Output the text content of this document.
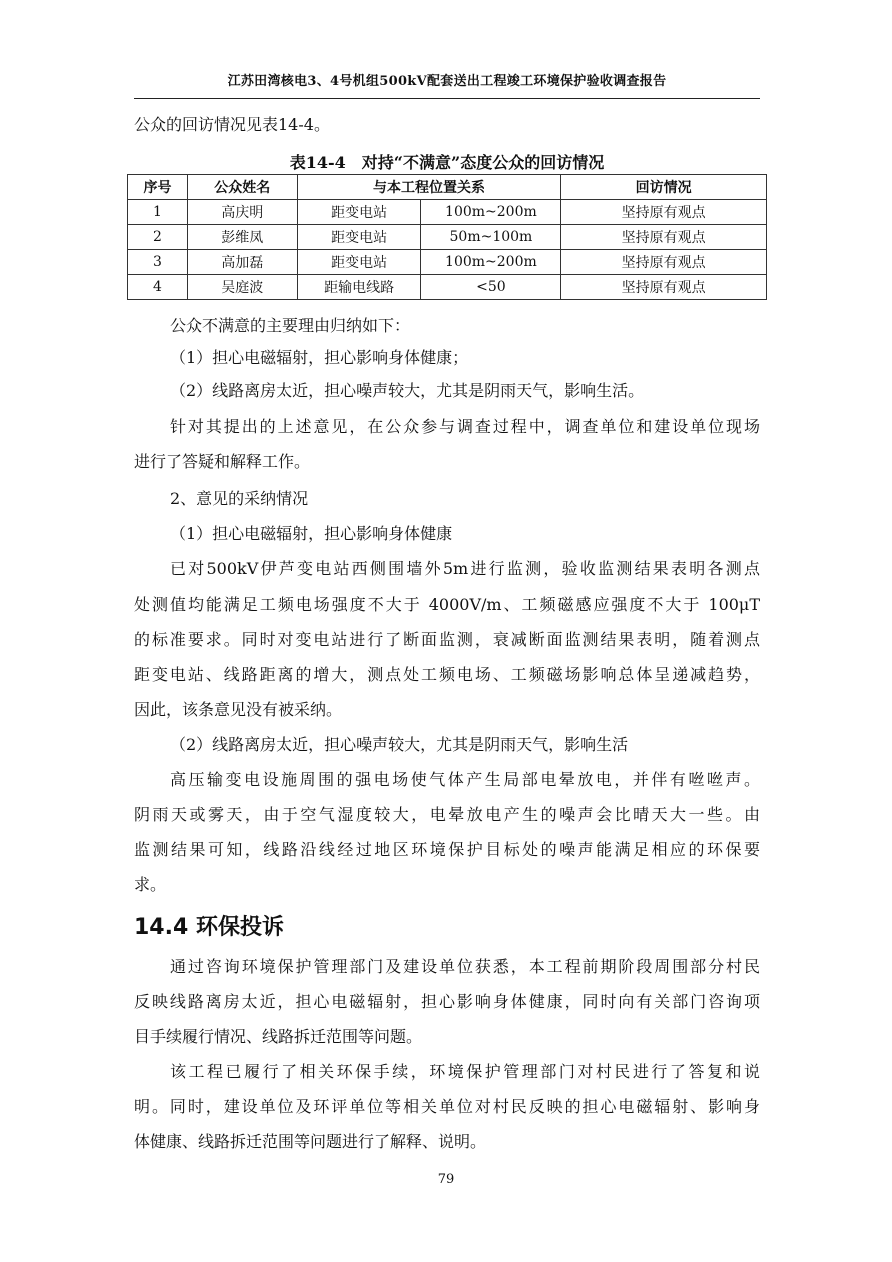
江苏田湾核电3、4号机组500kV配套送出工程竣工环境保护验收调查报告
公众的回访情况见表14-4。
表14-4　对持“不满意”态度公众的回访情况
序号	公众姓名	与本工程位置关系		回访情况
1	高庆明	距变电站	100m~200m	坚持原有观点
2	彭维凤	距变电站	50m~100m	坚持原有观点
3	高加磊	距变电站	100m~200m	坚持原有观点
4	吴庭波	距输电线路	<50	坚持原有观点
公众不满意的主要理由归纳如下：
（1）担心电磁辐射，担心影响身体健康；
（2）线路离房太近，担心噪声较大，尤其是阴雨天气，影响生活。
针对其提出的上述意见，在公众参与调查过程中，调查单位和建设单位现场
进行了答疑和解释工作。
2、意见的采纳情况
（1）担心电磁辐射，担心影响身体健康
已对500kV伊芦变电站西侧围墙外5m进行监测，验收监测结果表明各测点
处测值均能满足工频电场强度不大于 4000V/m、工频磁感应强度不大于 100μT
的标准要求。同时对变电站进行了断面监测，衰减断面监测结果表明，随着测点
距变电站、线路距离的增大，测点处工频电场、工频磁场影响总体呈递减趋势，
因此，该条意见没有被采纳。
（2）线路离房太近，担心噪声较大，尤其是阴雨天气，影响生活
高压输变电设施周围的强电场使气体产生局部电晕放电，并伴有咝咝声。
阴雨天或雾天，由于空气湿度较大，电晕放电产生的噪声会比晴天大一些。由
监测结果可知，线路沿线经过地区环境保护目标处的噪声能满足相应的环保要
求。
14.4 环保投诉
通过咨询环境保护管理部门及建设单位获悉，本工程前期阶段周围部分村民
反映线路离房太近，担心电磁辐射，担心影响身体健康，同时向有关部门咨询项
目手续履行情况、线路拆迁范围等问题。
该工程已履行了相关环保手续，环境保护管理部门对村民进行了答复和说
明。同时，建设单位及环评单位等相关单位对村民反映的担心电磁辐射、影响身
体健康、线路拆迁范围等问题进行了解释、说明。
79
